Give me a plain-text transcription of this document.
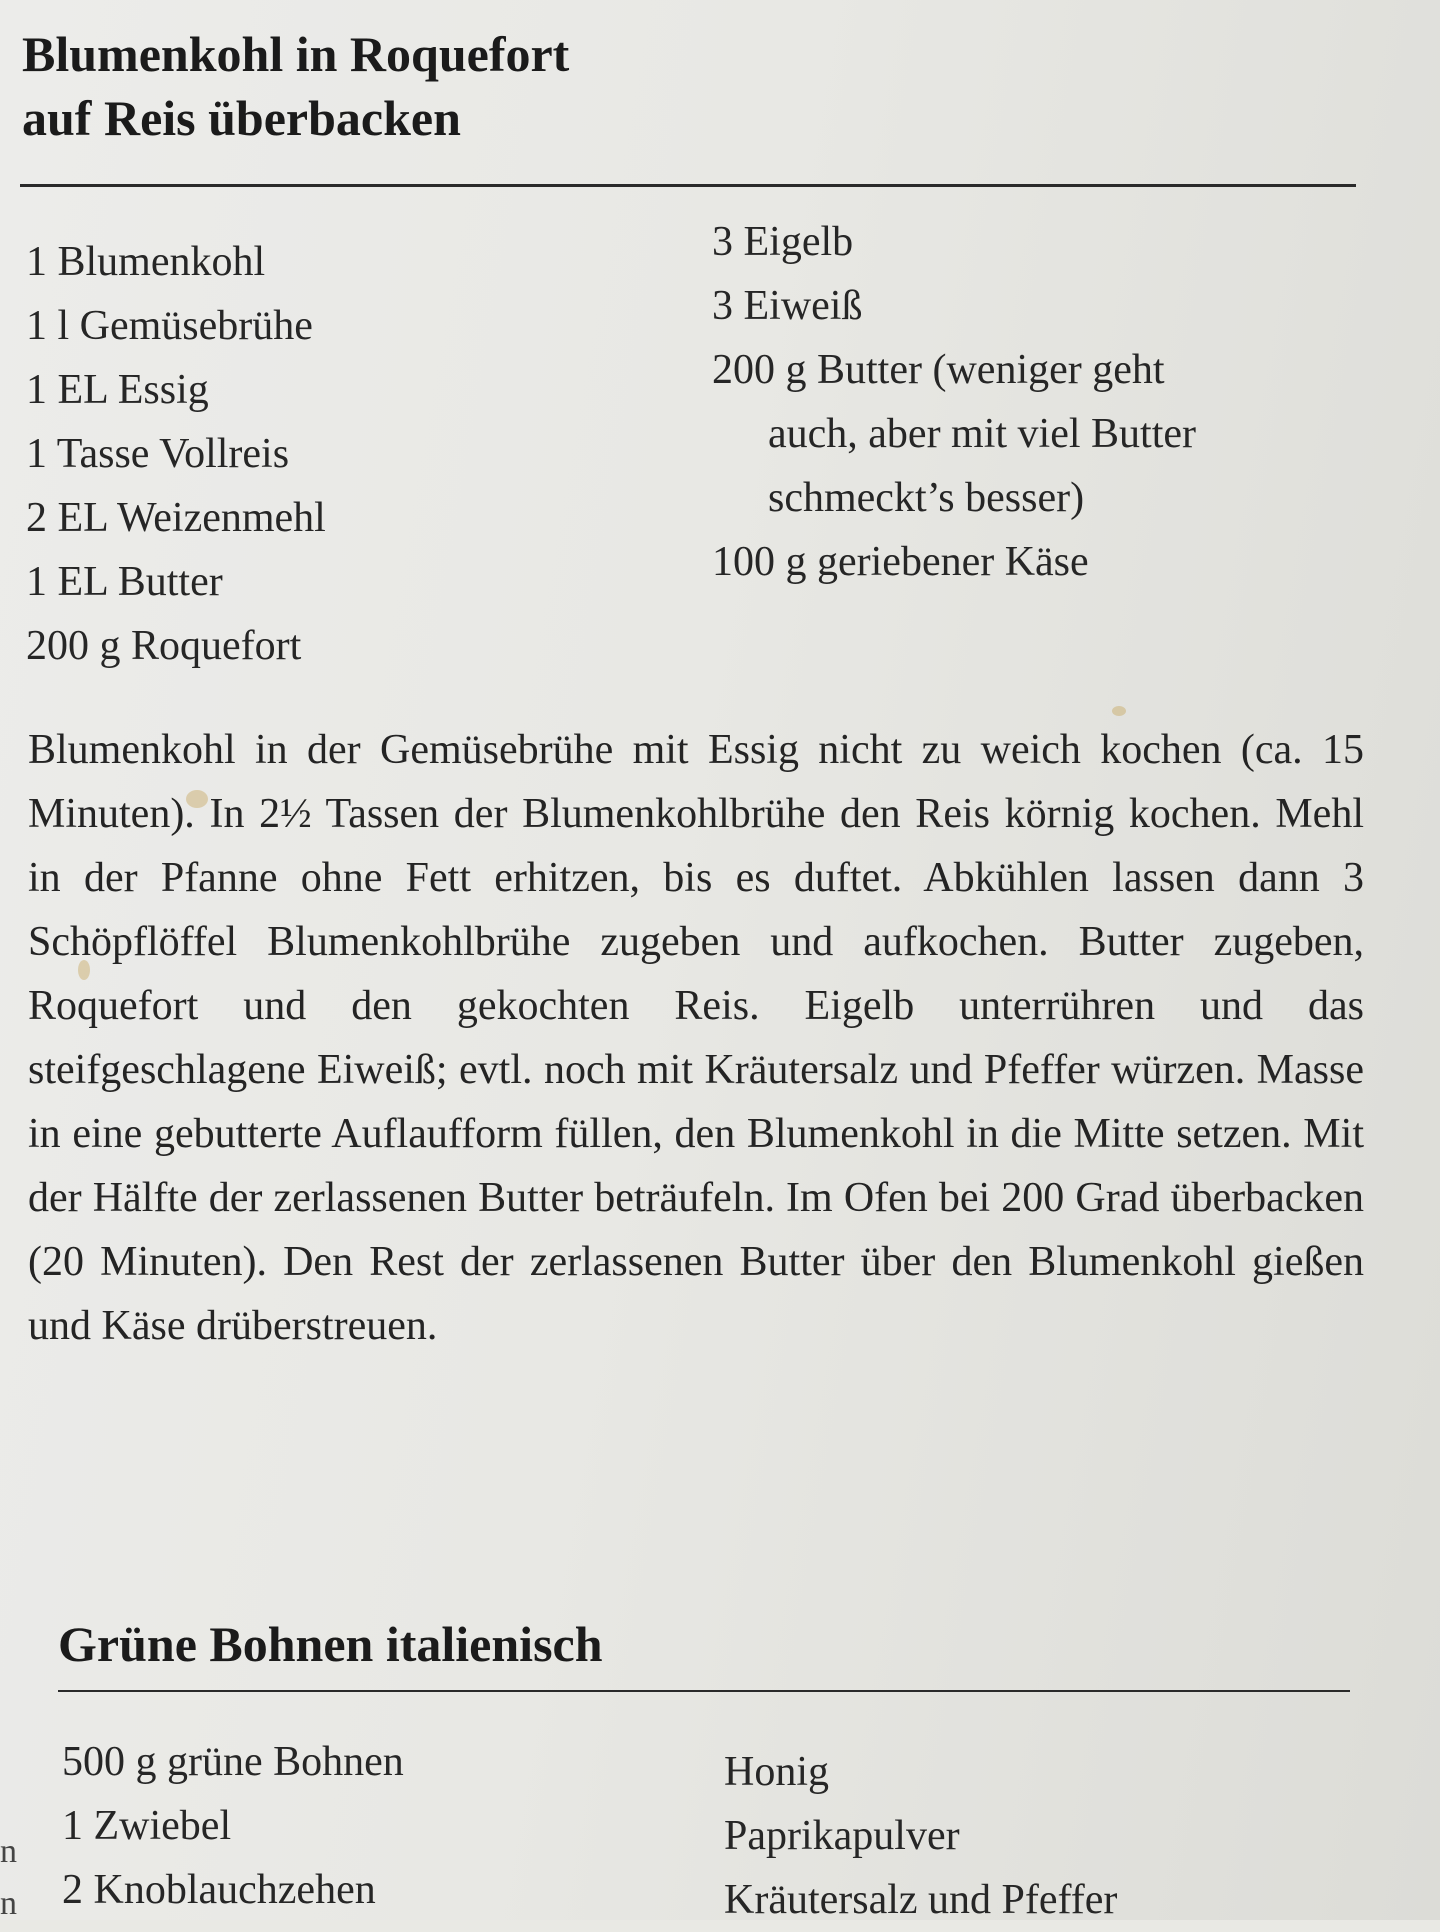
Blumenkohl in Roquefort
auf Reis überbacken
1 Blumenkohl
1 l Gemüsebrühe
1 EL Essig
1 Tasse Vollreis
2 EL Weizenmehl
1 EL Butter
200 g Roquefort
3 Eigelb
3 Eiweiß
200 g Butter (weniger geht
auch, aber mit viel Butter
schmeckt’s besser)
100 g geriebener Käse

Blumenkohl in der Gemüsebrühe mit Essig nicht zu weich kochen (ca. 15 Minuten). In 2½ Tassen der Blumenkohlbrühe den Reis körnig kochen. Mehl in der Pfanne ohne Fett erhitzen, bis es duftet. Abkühlen lassen dann 3 Schöpflöffel Blumenkohlbrühe zugeben und aufkochen. Butter zugeben, Roquefort und den gekochten Reis. Eigelb unterrühren und das steifgeschlagene Eiweiß; evtl. noch mit Kräutersalz und Pfeffer würzen. Masse in eine gebutterte Auflaufform füllen, den Blumenkohl in die Mitte setzen. Mit der Hälfte der zerlassenen Butter beträufeln. Im Ofen bei 200 Grad überbacken (20 Minuten). Den Rest der zerlassenen Butter über den Blumenkohl gießen und Käse drüberstreuen.

Grüne Bohnen italienisch
500 g grüne Bohnen
1 Zwiebel
2 Knoblauchzehen
Honig
Paprikapulver
Kräutersalz und Pfeffer
n
n
